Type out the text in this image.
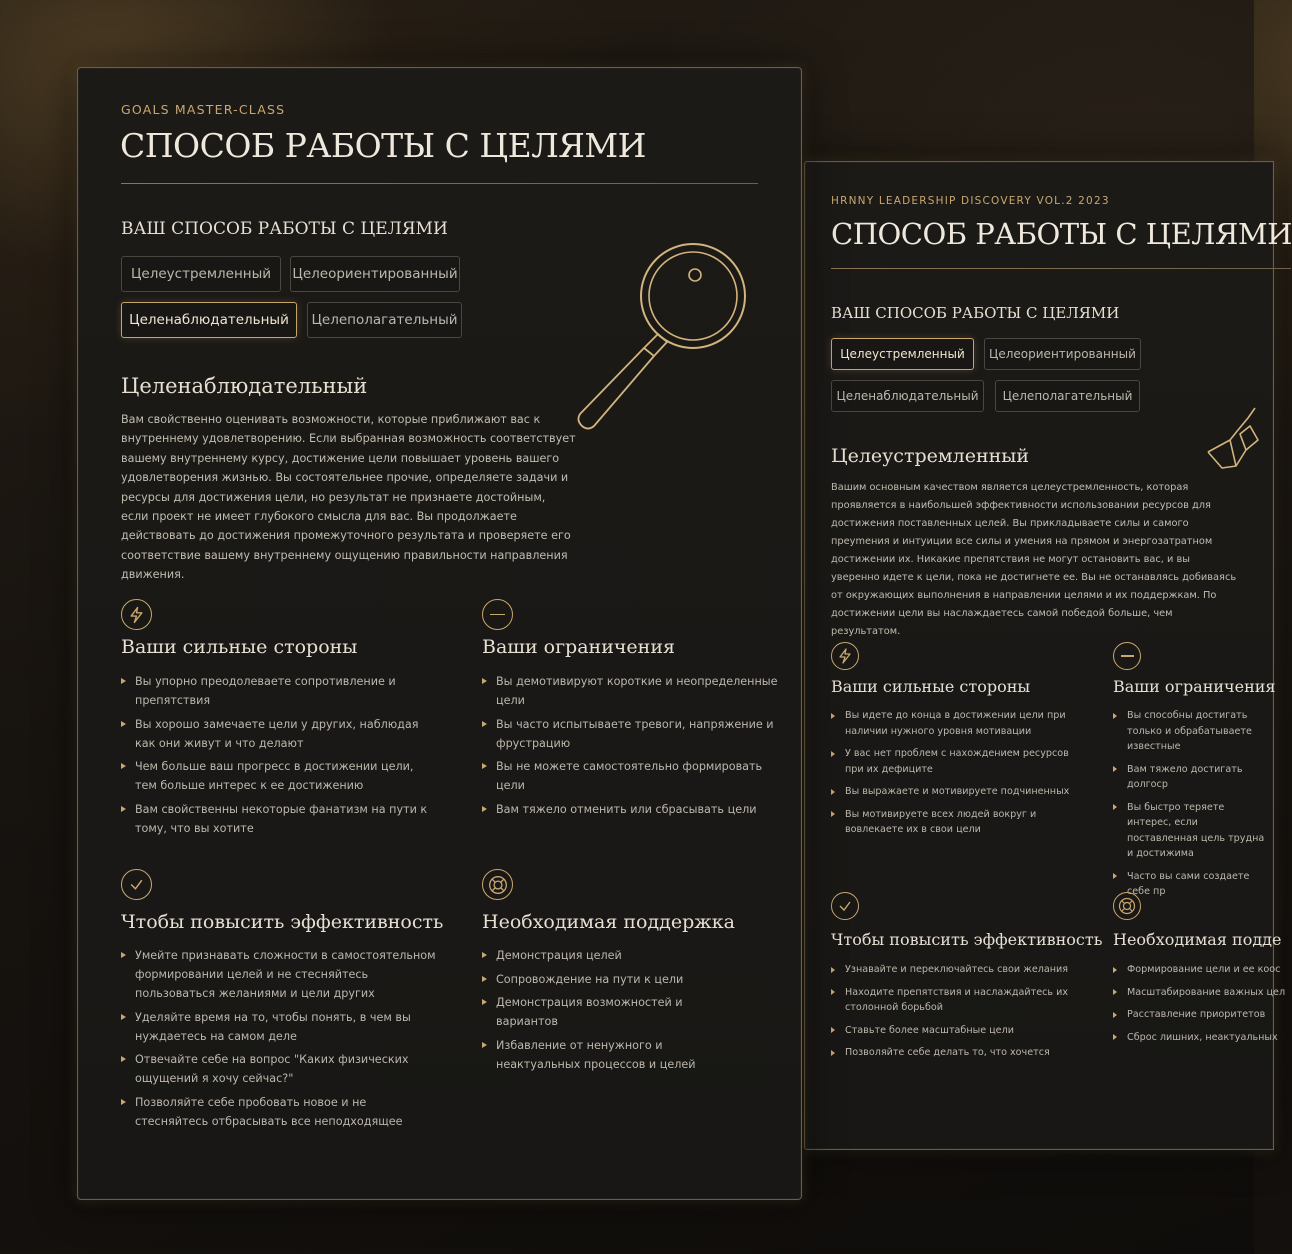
HRNNY LEADERSHIP DISCOVERY VOL.2 2023
СПОСОБ РАБОТЫ С ЦЕЛЯМИ
ВАШ СПОСОБ РАБОТЫ С ЦЕЛЯМИ
Целеустремленный	Целеориентированный
Целенаблюдательный	Целеполагательный
Целеустремленный
Вашим основным качеством является целеустремленность, которая проявляется в наибольшей эффективности использовании ресурсов для достижения поставленных целей. Вы прикладываете силы и самого преуmения и интуиции все силы и умения на прямом и энергозатратном достижении их. Никакие препятствия не могут остановить вас, и вы уверенно идете к цели, пока не достигнете ее. Вы не останавлясь добиваясь от окружающих выполнения в направлении целями и их поддержкам. По достижении цели вы наслаждаетесь самой победой больше, чем результатом.
Ваши сильные стороны
Вы идете до конца в достижении цели при наличии нужного уровня мотивации
У вас нет проблем с нахождением ресурсов при их дефиците
Вы выражаете и мотивируете подчиненных
Вы мотивируете всех людей вокруг и вовлекаете их в свои цели
Ваши ограничения
Вы способны достигать только и обрабатываете известные
Вам тяжело достигать долгоср
Вы быстро теряете интерес, если поставленная цель трудна и достижима
Часто вы сами создаете себе пр
Чтобы повысить эффективность
Узнавайте и переключайтесь свои желания
Находите препятствия и наслаждайтесь их столонной борьбой
Ставьте более масштабные цели
Позволяйте себе делать то, что хочется
Необходимая подде
Формирование цели и ее коос
Масштабирование важных цел
Расставление приоритетов
Сброс лишних, неактуальных
GOALS MASTER-CLASS
СПОСОБ РАБОТЫ С ЦЕЛЯМИ
ВАШ СПОСОБ РАБОТЫ С ЦЕЛЯМИ
Целеустремленный	Целеориентированный
Целенаблюдательный	Целеполагательный
Целенаблюдательный
Вам свойственно оценивать возможности, которые приближают вас к внутреннему удовлетворению. Если выбранная возможность соответствует вашему внутреннему курсу, достижение цели повышает уровень вашего удовлетворения жизнью. Вы состоятельнее прочие, определяете задачи и ресурсы для достижения цели, но результат не признаете достойным, если проект не имеет глубокого смысла для вас. Вы продолжаете действовать до достижения промежуточного результата и проверяете его соответствие вашему внутреннему ощущению правильности направления движения.
Ваши сильные стороны
Вы упорно преодолеваете сопротивление и препятствия
Вы хорошо замечаете цели у других, наблюдая как они живут и что делают
Чем больше ваш прогресс в достижении цели, тем больше интерес к ее достижению
Вам свойственны некоторые фанатизм на пути к тому, что вы хотите
Ваши ограничения
Вы демотивируют короткие и неопределенные цели
Вы часто испытываете тревоги, напряжение и фрустрацию
Вы не можете самостоятельно формировать цели
Вам тяжело отменить или сбрасывать цели
Чтобы повысить эффективность
Умейте признавать сложности в самостоятельном формировании целей и не стесняйтесь пользоваться желаниями и цели других
Уделяйте время на то, чтобы понять, в чем вы нуждаетесь на самом деле
Отвечайте себе на вопрос "Каких физических ощущений я хочу сейчас?"
Позволяйте себе пробовать новое и не стесняйтесь отбрасывать все неподходящее
Необходимая поддержка
Демонстрация целей
Сопровождение на пути к цели
Демонстрация возможностей и вариантов
Избавление от ненужного и неактуальных процессов и целей
